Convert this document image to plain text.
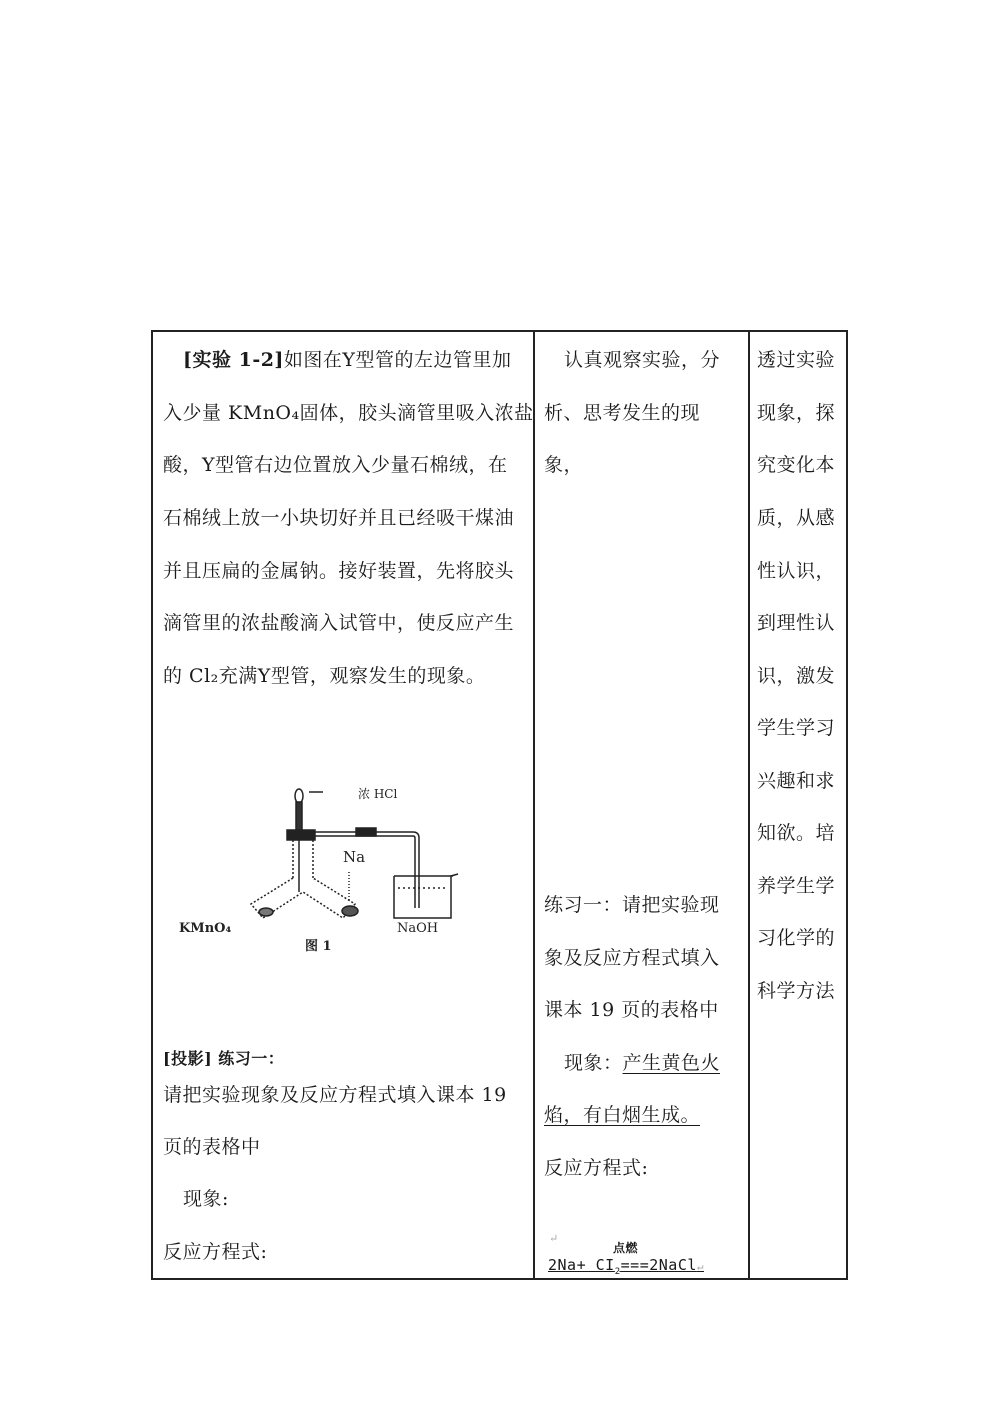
[实验 1-2]如图在Y型管的左边管里加
入少量 KMnO₄固体，胶头滴管里吸入浓盐
酸，Y型管右边位置放入少量石棉绒，在
石棉绒上放一小块切好并且已经吸干煤油
并且压扁的金属钠。接好装置，先将胶头
滴管里的浓盐酸滴入试管中，使反应产生
的 Cl₂充满Y型管，观察发生的现象。
浓 HCl
Na
KMnO₄	NaOH
图 1
[投影] 练习一：
请把实验现象及反应方程式填入课本 19
页的表格中
现象:
反应方程式:
认真观察实验，分
析、思考发生的现
象，
练习一：请把实验现
象及反应方程式填入
课本 19 页的表格中
现象：产生黄色火
焰，有白烟生成。
反应方程式:
↵
点燃
$2Na+ CI_2===2NaCl↵$
透过实验
现象，探
究变化本
质，从感
性认识，
到理性认
识，激发
学生学习
兴趣和求
知欲。培
养学生学
习化学的
科学方法
